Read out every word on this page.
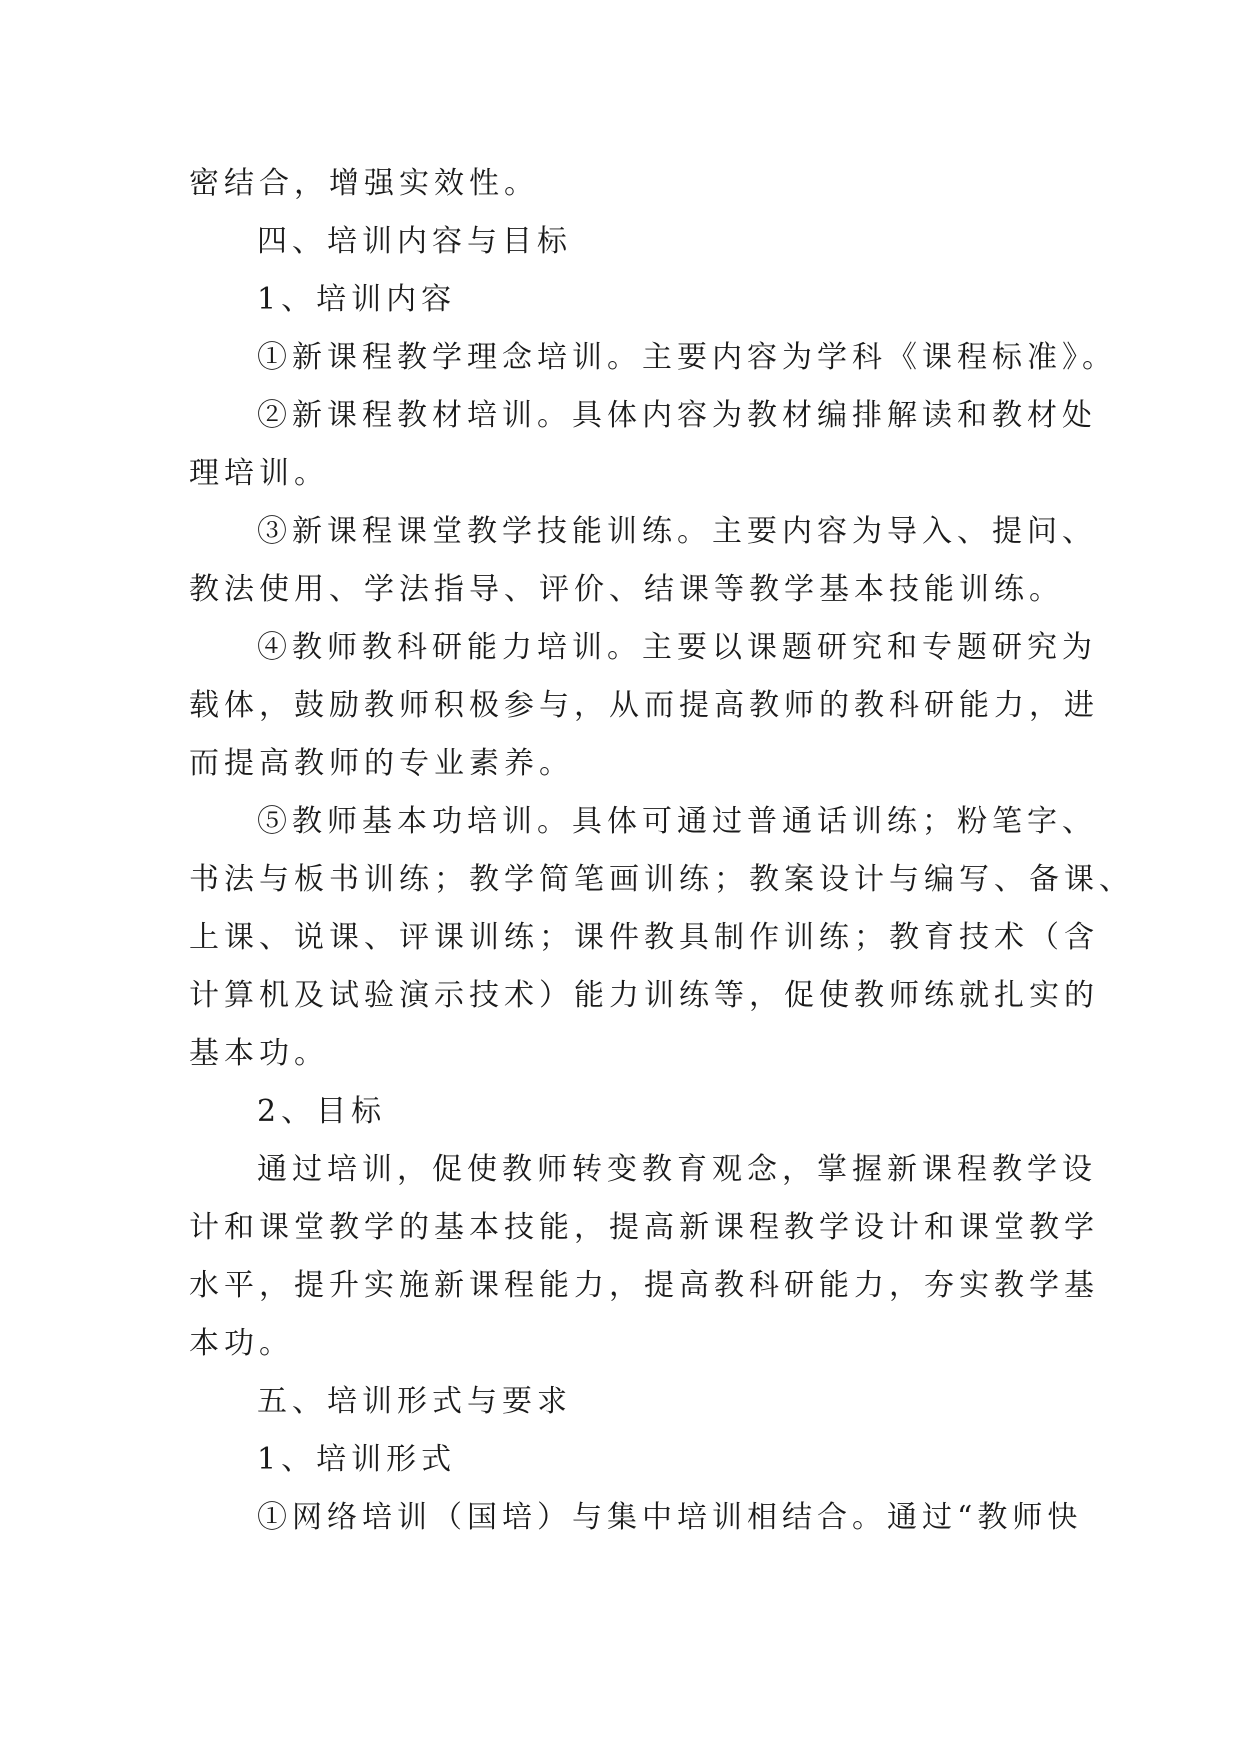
密结合，增强实效性。
四、培训内容与目标
1、培训内容
①新课程教学理念培训。主要内容为学科《课程标准》。
②新课程教材培训。具体内容为教材编排解读和教材处
理培训。
③新课程课堂教学技能训练。主要内容为导入、提问、
教法使用、学法指导、评价、结课等教学基本技能训练。
④教师教科研能力培训。主要以课题研究和专题研究为
载体，鼓励教师积极参与，从而提高教师的教科研能力，进
而提高教师的专业素养。
⑤教师基本功培训。具体可通过普通话训练；粉笔字、
书法与板书训练；教学简笔画训练；教案设计与编写、备课、
上课、说课、评课训练；课件教具制作训练；教育技术（含
计算机及试验演示技术）能力训练等，促使教师练就扎实的
基本功。
2、目标
通过培训，促使教师转变教育观念，掌握新课程教学设
计和课堂教学的基本技能，提高新课程教学设计和课堂教学
水平，提升实施新课程能力，提高教科研能力，夯实教学基
本功。
五、培训形式与要求
1、培训形式
①网络培训（国培）与集中培训相结合。通过“教师快
